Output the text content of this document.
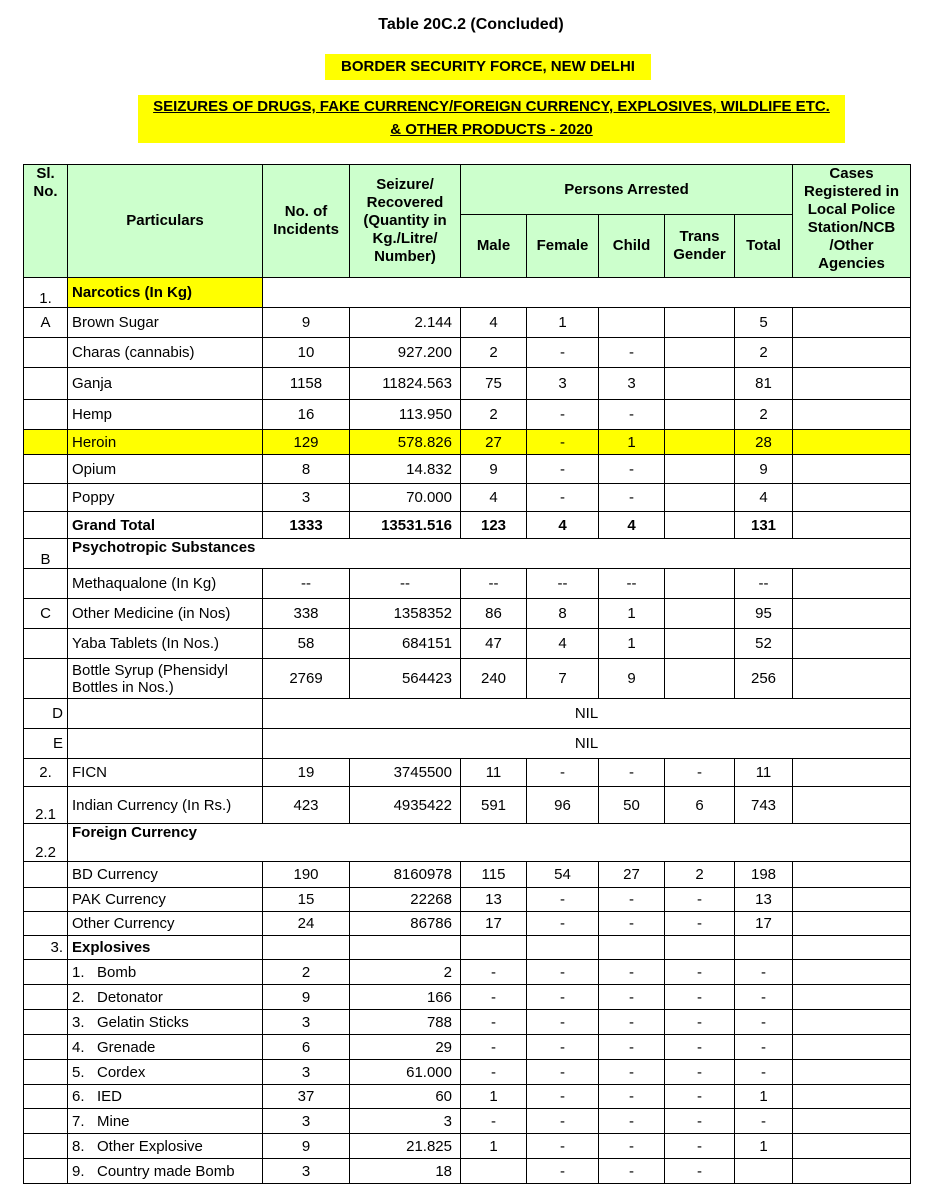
Table 20C.2 (Concluded)
BORDER SECURITY FORCE, NEW DELHI
SEIZURES OF DRUGS, FAKE CURRENCY/FOREIGN CURRENCY, EXPLOSIVES, WILDLIFE ETC.
& OTHER PRODUCTS - 2020
Sl. No.	Particulars	No. of Incidents	Seizure/ Recovered (Quantity in Kg./Litre/ Number)	Persons Arrested					Cases Registered in Local Police Station/NCB /Other Agencies
				Male	Female	Child	Trans Gender	Total	
1.	Narcotics (In Kg)								
A	Brown Sugar	9	2.144	4	1			5	
	Charas (cannabis)	10	927.200	2	-	-		2	
	Ganja	1158	11824.563	75	3	3		81	
	Hemp	16	113.950	2	-	-		2	
	Heroin	129	578.826	27	-	1		28	
	Opium	8	14.832	9	-	-		9	
	Poppy	3	70.000	4	-	-		4	
	Grand Total	1333	13531.516	123	4	4		131	
B	Psychotropic Substances								
	Methaqualone (In Kg)	--	--	--	--	--		--	
C	Other Medicine (in Nos)	338	1358352	86	8	1		95	
	Yaba Tablets (In Nos.)	58	684151	47	4	1		52	
	Bottle Syrup (Phensidyl
Bottles in Nos.)	2769	564423	240	7	9		256	
D		NIL							
E		NIL							
2.	FICN	19	3745500	11	-	-	-	11	
2.1	Indian Currency (In Rs.)	423	4935422	591	96	50	6	743	
2.2	Foreign Currency								
	BD Currency	190	8160978	115	54	27	2	198	
	PAK Currency	15	22268	13	-	-	-	13	
	Other Currency	24	86786	17	-	-	-	17	
3.	Explosives								
	1.   Bomb	2	2	-	-	-	-	-	
	2.   Detonator	9	166	-	-	-	-	-	
	3.   Gelatin Sticks	3	788	-	-	-	-	-	
	4.   Grenade	6	29	-	-	-	-	-	
	5.   Cordex	3	61.000	-	-	-	-	-	
	6.   IED	37	60	1	-	-	-	1	
	7.   Mine	3	3	-	-	-	-	-	
	8.   Other Explosive	9	21.825	1	-	-	-	1	
	9.   Country made Bomb	3	18		-	-	-		
